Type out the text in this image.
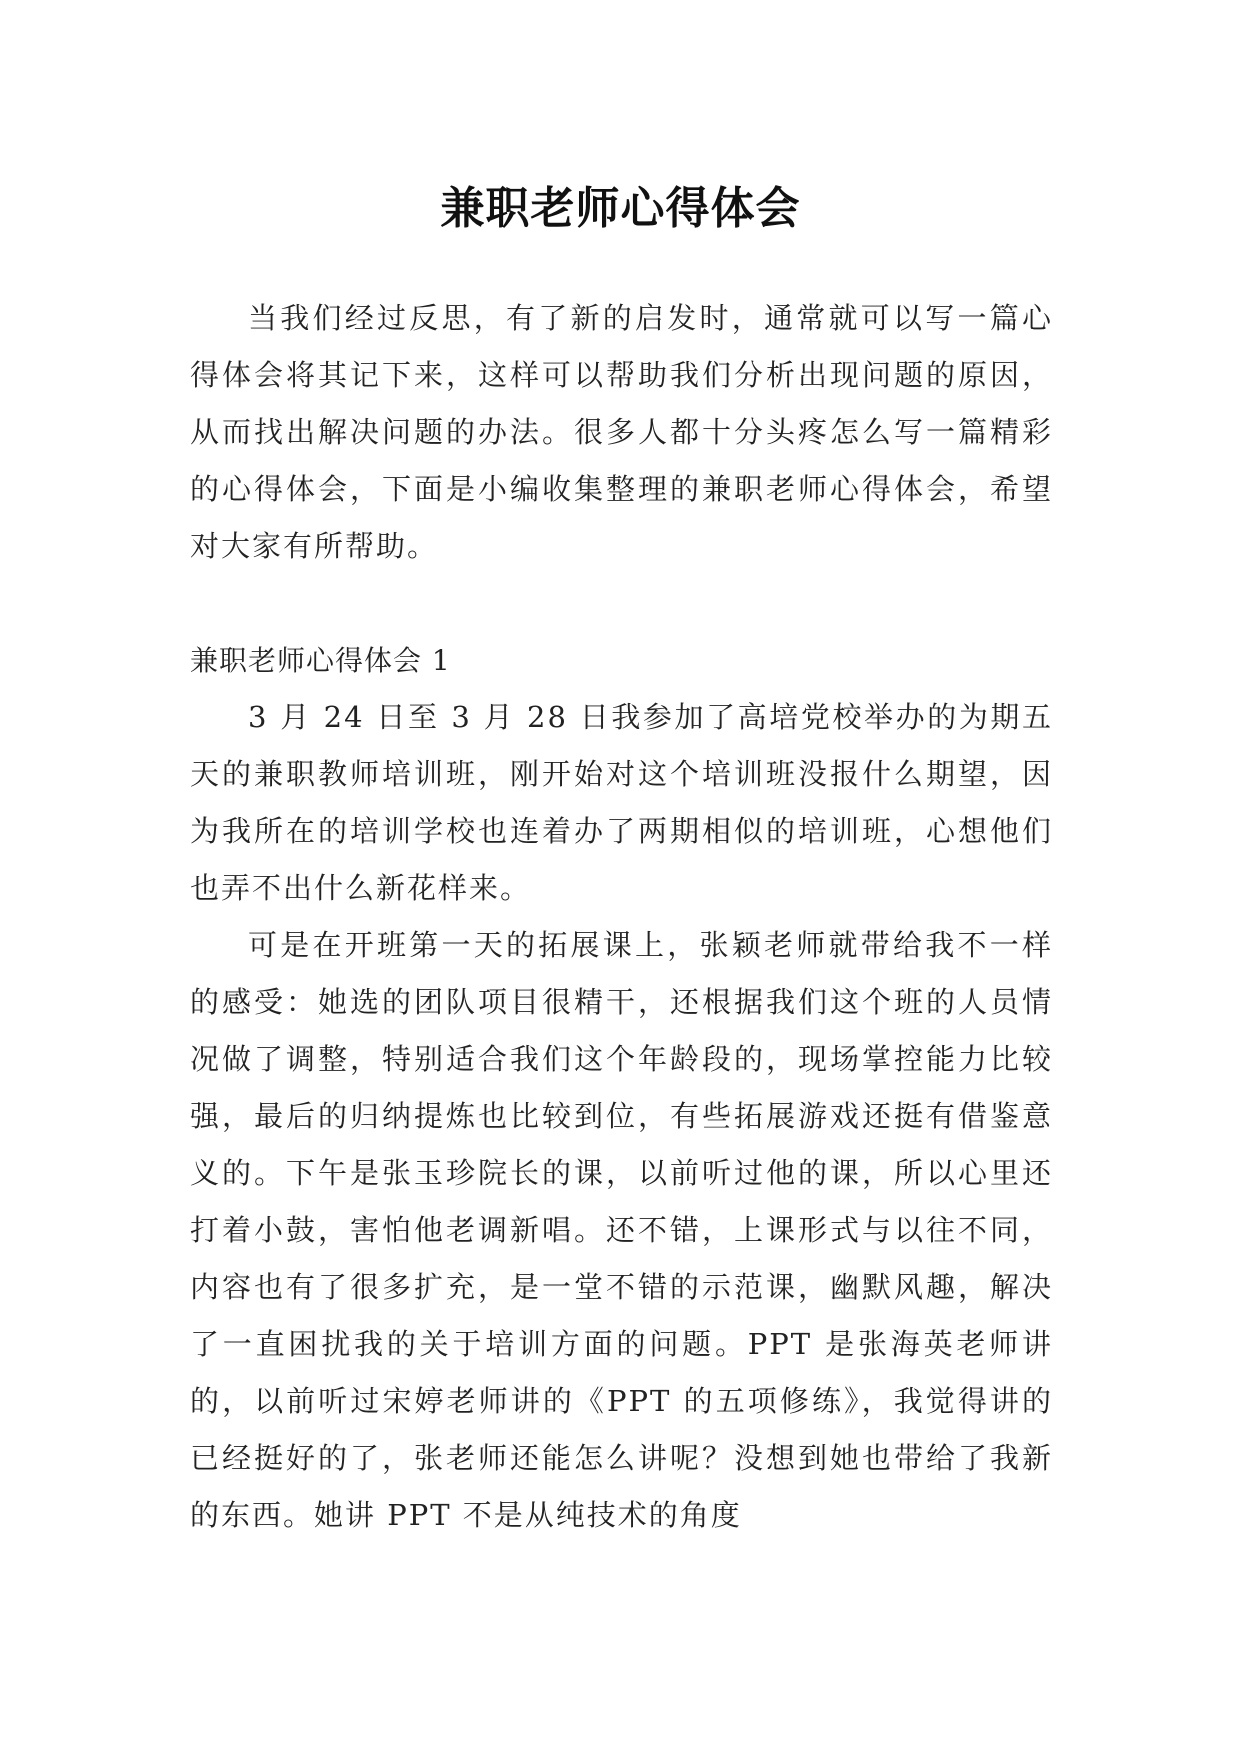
兼职老师心得体会

当我们经过反思，有了新的启发时，通常就可以写一篇心得体会将其记下来，这样可以帮助我们分析出现问题的原因，从而找出解决问题的办法。很多人都十分头疼怎么写一篇精彩的心得体会，下面是小编收集整理的兼职老师心得体会，希望对大家有所帮助。

兼职老师心得体会 1

3 月 24 日至 3 月 28 日我参加了高培党校举办的为期五天的兼职教师培训班，刚开始对这个培训班没报什么期望，因为我所在的培训学校也连着办了两期相似的培训班，心想他们也弄不出什么新花样来。

可是在开班第一天的拓展课上，张颖老师就带给我不一样的感受：她选的团队项目很精干，还根据我们这个班的人员情况做了调整，特别适合我们这个年龄段的，现场掌控能力比较强，最后的归纳提炼也比较到位，有些拓展游戏还挺有借鉴意义的。下午是张玉珍院长的课，以前听过他的课，所以心里还打着小鼓，害怕他老调新唱。还不错，上课形式与以往不同，内容也有了很多扩充，是一堂不错的示范课，幽默风趣，解决了一直困扰我的关于培训方面的问题。PPT 是张海英老师讲的，以前听过宋婷老师讲的《PPT 的五项修练》，我觉得讲的已经挺好的了，张老师还能怎么讲呢？没想到她也带给了我新的东西。她讲 PPT 不是从纯技术的角度
